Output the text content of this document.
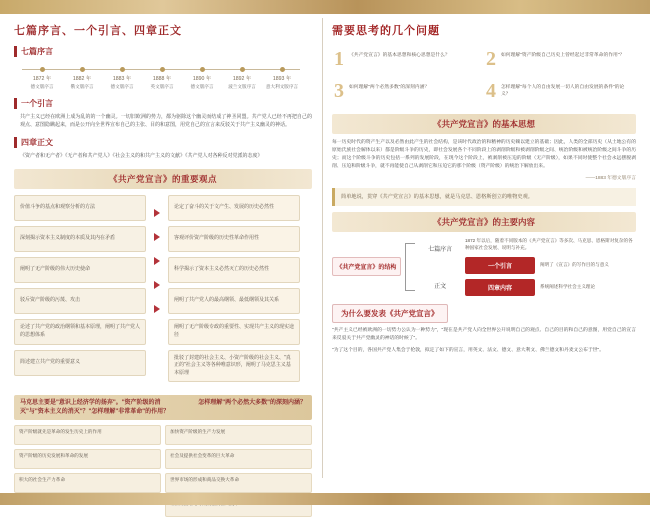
七篇序言、一个引言、四章正文
七篇序言
1872 年
德文版序言
1882 年
俄文版序言
1883 年
德文版序言
1888 年
英文版序言
1890 年
德文版序言
1892 年
波兰文版序言
1893 年
意大利文版序言
一个引言
共产主义已经在欧洲上成为乱的的一个幽灵。一切旧欧洲的势力，都为驱除这个幽灵而结成了神圣同盟。共产党人已经不再把自己的观点、意图隐瞒起来，而是公开向全世界宣布自己的主张、目的和意图，用党自己的宣言来反驳关于共产主义幽灵的神话。
四章正文
《资产者和无产者》《无产者和共产党人》《社会主义的和共产主义的文献》《共产党人对各种反对党派的态度》
《共产党宣言》的重要观点
价值斗争的基点和观察分析的方法
深刻揭示资本主义制度的本质及其内在矛盾
阐明了无产阶级的伟大历史使命
驳斥资产阶级的污蔑、攻击
论述了共产党的政治纲领和基本原理，阐明了共产党人的思想体系
简述建立共产党的重要意义
论定了奋斗的关于文产生、发展的历史必然性
客观评价资产阶级的历史性革命作用性
科学揭示了资本主义必然灭亡的历史必然性
闸明了共产党人的最高纲领、最低纲领及其关系
阐明了无产阶级专政的重要性、实现共产主义的现实途径
批驳了封建的社会主义、小资产阶级的社会主义、"真正的"社会主义等各种唯意识形，阐明了马克思主义基本原理
马克思主要是"意识上经济学的扬弃"。"资产阶级的消灭"与"资本主义的消灭"？"怎样理解"非常革命"的作用？
怎样理解"两个必然大多数"的深刻内涵？
资产阶级就先是革命的发生历史上的作用
资产阶级的历史发展和革命的发展
积大的社会生产力革命
加快资产阶级的生产力发展
社会及提供社会变革的巨大革命
世界市场的形成和商品交换大革命
需要思考的几个问题
1 《共产党宣言》的基本思想和核心思想是什么？ 2 如何理解"资产阶级自己历史上曾经起过非常革命的作用"？
3 如何理解"两个必然多数"的深刻内涵？	4 怎样理解"每个人的自由发展一切人的自由发展的条件"的论义？
《共产党宣言》的基本思想
每一历史时代的资产生产以及必然由此产生的社会结构，是该时代政治的和精神的历史赖以建立的基础；因此，人类的全部历史（从土地公有的原始氏族社会解体以来）都是阶级斗争的历史，即社会发展各个不同阶段上的剥削阶级和被剥削阶级之间、统治阶级和被统治阶级之间斗争的历史；而这个阶级斗争的历史包括一系列的发展阶段，在现今这个阶段上，被剥削被压迫的阶级（无产阶级），如果不同时使整个社会永远摆脱剥削、压迫和阶级斗争，就不再能使自己从剥削它和压迫它的那个阶级（资产阶级）的统治下解放出来。
——1883 年德文版序言
简单地说，贯穿《共产党宣言》的基本思想，就是马克思、恩格斯创立的唯物史观。
《共产党宣言》的主要内容
《共产党宣言》的结构
七篇序言
正文
1872 年以后，随着不同版本的《共产党宣言》等多次、马克思、恩格斯对复杂的各种国家社会发展、说明与补充。
一个引言	阐明了《宣言》的写作目的与意义
四章内容	系统阐述科学社会主义理论
为什么要发表《共产党宣言》
"共产主义已经被欧洲的一切势力公认为一种势力"，"现在是共产党人向全世界公开说明自己的观点、自己的目的和自己的意图，用党自己的宣言来反驳关于共产党幽灵的神话的时候了"。
"为了这个目的，各国共产党人集会于伦敦，拟定了如下的宣言，用英文、法文、德文、意大利文、佛兰德文和丹麦文公布于世"。
